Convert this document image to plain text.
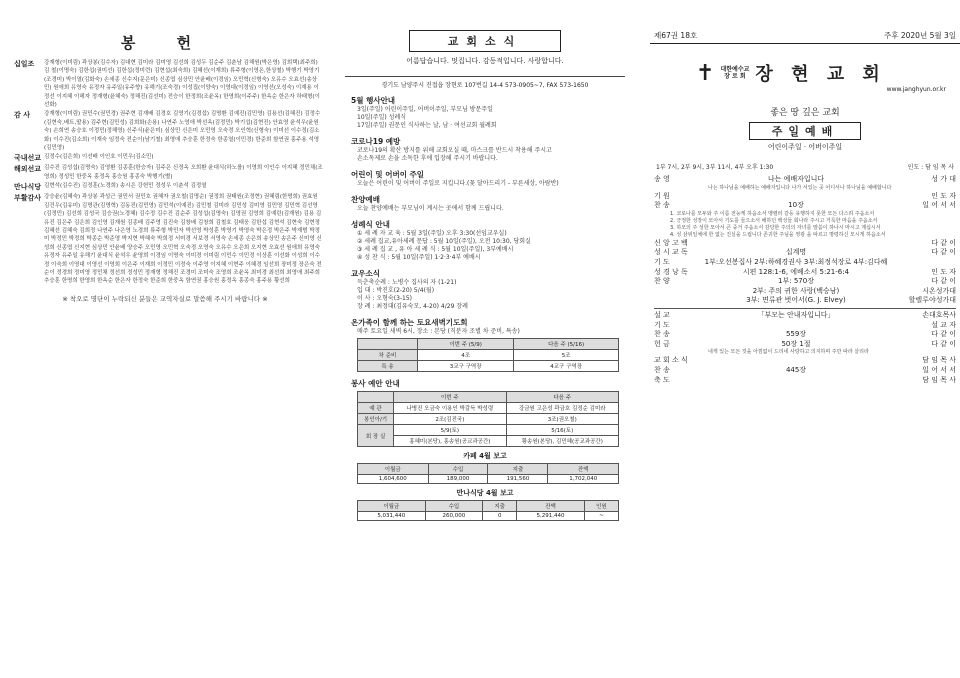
봉 헌
십일조	강재형(이미림) 곽상봉(김수자) 김대현 김미라 김미영 김선희 김성두 김순주 김춘남 김해원(박은영) 김희택(최주희) 김 철(이명숙) 김한섭(권미선) 김한섭(정미련) 김현섭(최숙희) 김혜선(이재희) 류주형(이영온,한상철) 박행기 박영기(조경미) 박이열(김화숙) 손세종 신수지(문은미) 신종엽 심상민 안윤배(이경임) 오민혁(신형숙) 오유수 오효선(송상민) 원애희 유영숙 유정자 유주일(유주향) 유해기(조숙경) 이성집(이양숙) 이영대(이정임) 이영선(오성숙) 이재용 이정선 이지혜 이헤자 정재형(윤혜숙) 정해진(김선미) 전승이 한정희(조윤옥) 한영희(이주주) 한옥순 한은자 하태형(이선화)
감 사	강재형(이미림) 권민수(권민경) 권주현 김재배 김경호 김영기(김경섭) 김명환 김예진(김민영) 김용선(김혜진) 김정수(김현숙,베트,딸용) 김주현(김민성) 김희화(손용) 나연주 노영애 박선옥(김정민) 박기섭(김현진) 안효영 윤석우(윤원숙) 손희연 송승호 이정민(정해영) 신주식(윤은미) 심상민 신은미 오민영 오숙경 오인혁(신형숙) 이미선 이수정(김소화) 이수진(김소희) 이재숙 임정숙 전순이(남기철) 최영애 추승훈 한정숙 한종열(이민경) 한준희 함연권 홍주용 석영(김민영)
국내선교 김정수(김은희) 이선배 이인호 이민우(김소민)
해외선교 김수진 김성섭(김명숙) 김영환 김종훈(한승자) 김주은 신정옥 오희환 윤대식(하노를) 이영희 이인수 이지혜 정민채(조영희) 정성민 한중옥 홍정옥 홍승원 홍종숙 박행기(별)
만나식당 김현석(김수진) 김정훈(노경희) 송시은 강헌민 정성우 이춘석 김정열
부활감사 강승윤(김혜숙) 곽상봉 곽성근 권민서 권민호 권혜자 권오철(김명순) 권정희 권태원(조정현) 권혜림(한명희) 권효원 김건우(김유미) 김명관(김명혁) 김동진(김민영) 김민석(이예진) 김민철 김미라 김민성 김미영 김민영 김민혁 김선영(김정민) 김선희 김성국 김승권(노경혜) 김수정 김수진 김순주 김성섭(김명숙) 김영권 김영희 김예린(김재원) 김용 김유진 김은주 김은희 김인영 김재원 김종배 김주영 김진숙 김창배 김창희 김철호 김태웅 김한섭 김현석 김현숙 김현정 김혜선 김혜숙 김희정 나연주 나은영 노경희 류주형 박민자 박선영 박성훈 박영기 박영숙 박은정 박은주 박재범 박정미 박정민 박정희 박종순 박준영 박지현 박혜숙 박희정 서미경 서보경 서영숙 손세종 손은희 송상민 송은주 신미영 신성희 신종엽 신지현 심상민 안윤배 양승주 오민영 오민혁 오숙경 오영숙 오유수 오은희 오지현 오효선 원애희 유영숙 유정자 유주일 유해기 윤대식 윤석우 윤영희 이경임 이명숙 이미경 이미림 이민수 이민정 이상훈 이선화 이성희 이수정 이숙희 이영대 이영선 이영희 이은주 이재희 이정민 이정숙 이주영 이지혜 이현주 이혜경 임선희 장미정 장은숙 전순이 정경희 정미영 정민채 정선희 정성민 정재형 정해진 조경미 조미숙 조영희 조윤옥 최미경 최선희 최영애 최주희 추승훈 한명희 한영희 한옥순 한은자 한정숙 한준희 한중옥 함연권 홍승원 홍정옥 홍종숙 홍주용 황선희
※ 착오로 명단이 누락되신 분들은 교역자실로 말씀해 주시기 바랍니다 ※
교회소식
어름답습니다. 멋집니다. 감동적입니다. 사랑합니다.
경기도 남양주시 진접읍 장현로 107번길 14-4 573-0905~7, FAX 573-1650
5월 행사안내
3일(주일) 어린이주일, 어버이주일, 부모님 방문주일
10일(주일) 성례식
17일(주일) 권문인 식사하는 날, 남 · 여선교회 월례회
코로나19 예방
코로나19의 확산 방지를 위해 교회오실 때, 마스크를 반드시 착용해 주시고
손소독제로 손을 소독한 후에 입장해 주시기 바랍니다.
어린이 및 어버이 주일
오늘은 어린이 및 어버이 주일로 지킵니다.(꽃 달아드리기 - 부른세상, 아람반)
찬양예배
오늘 찬양예배는 부모님이 계시는 곳에서 함께 드립니다.
성례식 안내
① 세 례 자 교 육 : 5월 3일(주일) 오후 3:30(선임교우실)
② 세례 집교,유아세례 문답 : 5월 10일(주일), 오전 10:30, 당회실
③ 세 례 집 교 , 유 아 세 례 식 : 5월 10일(주일), 3부예배시
④ 성 찬 식 : 5월 10일(주일) 1·2·3·4부 예배시
교우소식
득춘축순례 : 노병수 집사의 자 (1-21)
입 대 : 박진호(2-20) 5/4(월)
이 사 : 오형숙(3-15)
장 례 : 최정대(김유숙모, 4-20) 4/29 장례
온가족이 함께 하는 토요새벽기도회
매주 토요일 새벽 6시, 장소 : 본당 (직분자 조별 차 준비, 특송)
	이번 주 (5/9)	다음 주 (5/16)
차 준비	4조	5조
특 송	3교구 구역장	4교구 구역장
봉사 예안 안내
	이번 주	다음 주
예 관	나병진 오금숙 이용인 박갈득 박성령	강금원 고은성 곽금호 김정순 김미라
봉인아/기	2조(김진국)	3조(권오철)
회 장 실	5/9(토)	5/16(토)
	홍혜미(본당), 홍송원(공교과공간)	황송원(본당), 김민혜(공교과공간)
카페 4월 보고
이월금	수입	지출	잔액
1,604,600	189,000	191,560	1,702,040
만나식당 4월 보고
이월금	수입	지출	잔액	인원
5,031,440	260,000	0	5,291,440	~
제67권 18호	주후 2020년 5월 3일
✝ 대한예수교
장 로 회 장 현 교 회
www.janghyun.or.kr
좋은 땅 깊은 교회
주일예배
어린이주일 · 어버이주일
1부 7시, 2부 9시, 3부 11시, 4부 오후 1:30	인도 : 담 임 목 사
송 영	나는 예배자입니다	성 가 대
나는 하나님을 예배하는 예배자입니다 나가 서있는 곳 어디서나 하나님을 예배합니다
기 원	인 도 자
찬 송	10장	일 어 서 서
1. 코로나를 모두와 주 이름 전능케 하옵소서 맹렬러 갈등 유행하지 못한 모든 다스려 주옵소서
2. 긍정한 성장이 모아서 기도를 들으소서 해하던 백성들 회나라 주시고 거룩한 마음을 주옵소서
3. 하모의 주 성한 모아서 큰 중거 주옵소서 감당한 주의의 자녀를 말씀이 하나시 마시고 계십시서
4. 성 삼위일체에 한 없는 진실을 드립니다 존귀한 주님을 영광 을 따르고 명령하신 모시게 하옵소서
신 앙 고 백	다 같 이
성 시 교 독	십계명	다 같 이
기 도	1부:오선봉집사 2부:하혜경권사 3부:최정석장로 4부:김다혜
성 경 낭 독	시편 128:1-6, 에베소서 5:21-6:4	인 도 자
찬 양	1부: 570장	다 같 이
2부: 주의 귀한 사랑(백승남)	시온성가대
3부: 면류관 벗어서(G. J. Elvey)	할렐루야성가대
설 교	「부모는 안내자입니다」	손대호목사
기 도	설 교 자
찬 송	559장	다 같 이
헌 금	50장 1절	다 같 이
내게 있는 모든 것을 아낌없이 드리네 사랑하고 의지하며 주만 따라 살리라
교 회 소 식	담 임 목 사
찬 송	445장	일 어 서 서
축 도	담 임 목 사
